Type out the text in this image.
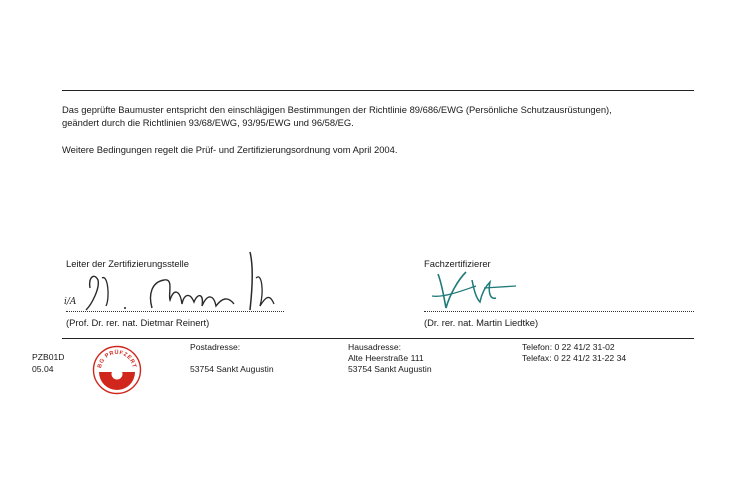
Das geprüfte Baumuster entspricht den einschlägigen Bestimmungen der Richtlinie 89/686/EWG (Persönliche Schutzausrüstungen),
geändert durch die Richtlinien 93/68/EWG, 93/95/EWG und 96/58/EG.
Weitere Bedingungen regelt die Prüf- und Zertifizierungsordnung vom April 2004.
Leiter der Zertifizierungsstelle
i/A
(Prof. Dr. rer. nat. Dietmar Reinert)
Fachzertifizierer
(Dr. rer. nat. Martin Liedtke)
PZB01D
05.04	BG PRÜFZERT
Postadresse:
53754 Sankt Augustin
Hausadresse:
Alte Heerstraße 111
53754 Sankt Augustin
Telefon: 0 22 41/2 31-02
Telefax: 0 22 41/2 31-22 34
